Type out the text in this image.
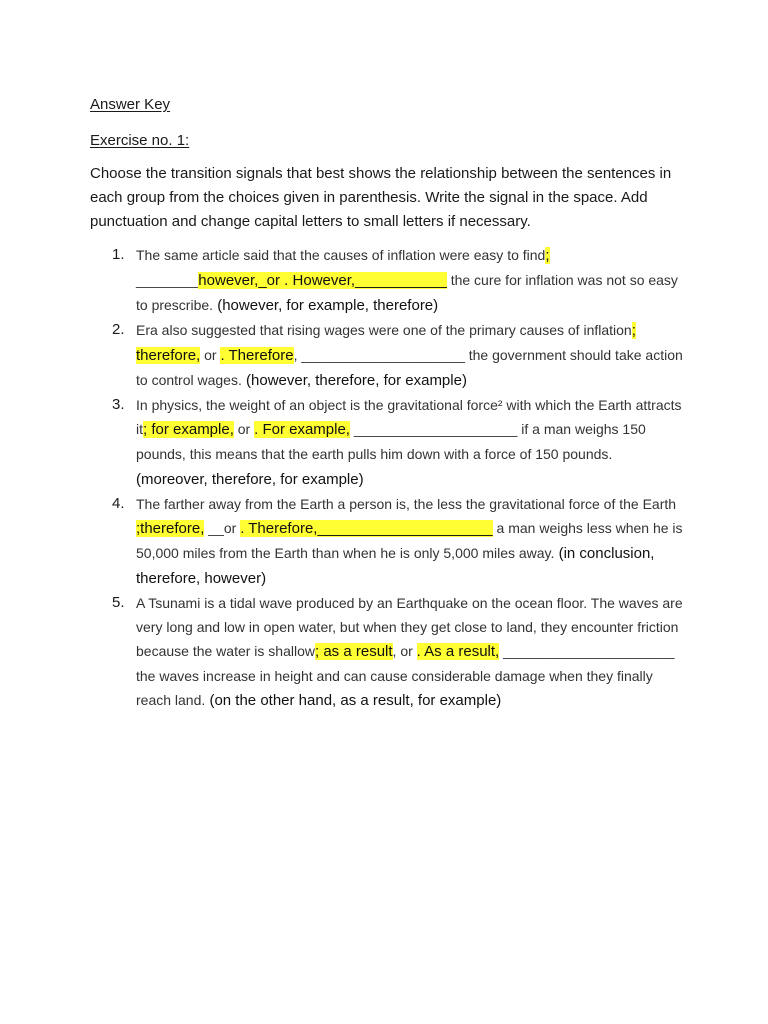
Answer Key
Exercise no. 1:
Choose the transition signals that best shows the relationship between the sentences in each group from the choices given in parenthesis. Write the signal in the space. Add punctuation and change capital letters to small letters if necessary.
1. The same article said that the causes of inflation were easy to find; ________however,_or . However,___________ the cure for inflation was not so easy to prescribe. (however, for example, therefore)
2. Era also suggested that rising wages were one of the primary causes of inflation; therefore, or . Therefore, _____________________ the government should take action to control wages. (however, therefore, for example)
3. In physics, the weight of an object is the gravitational force² with which the Earth attracts it; for example, or . For example, _____________________ if a man weighs 150 pounds, this means that the earth pulls him down with a force of 150 pounds. (moreover, therefore, for example)
4. The farther away from the Earth a person is, the less the gravitational force of the Earth ;therefore, __or . Therefore,_____________________ a man weighs less when he is 50,000 miles from the Earth than when he is only 5,000 miles away. (in conclusion, therefore, however)
5. A Tsunami is a tidal wave produced by an Earthquake on the ocean floor. The waves are very long and low in open water, but when they get close to land, they encounter friction because the water is shallow; as a result, or . As a result, ______________________ the waves increase in height and can cause considerable damage when they finally reach land. (on the other hand, as a result, for example)
